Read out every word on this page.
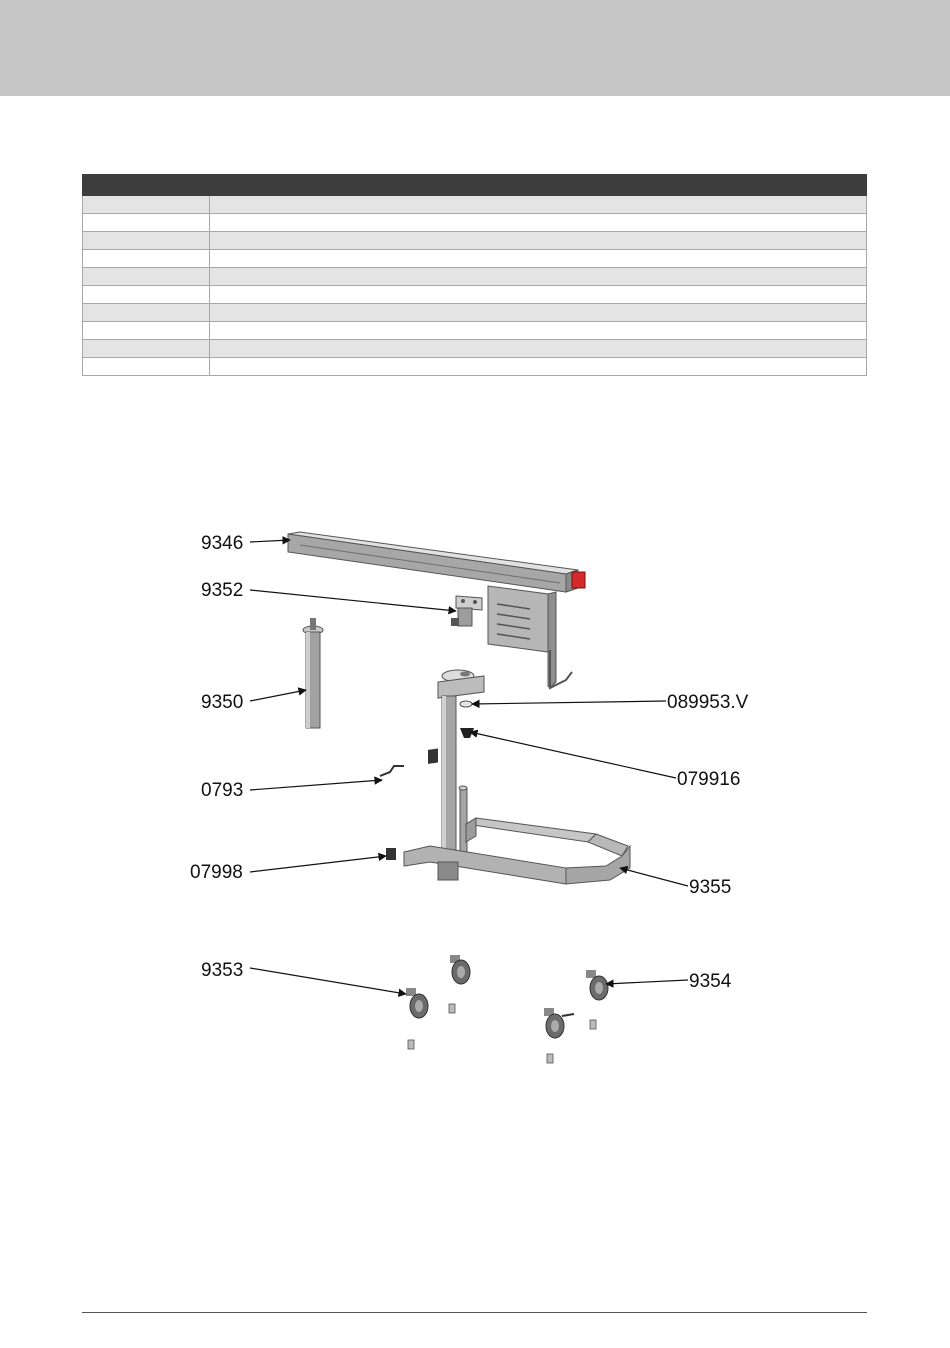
9346
9352
9350
0793
07998
9353
089953.V
079916
9355
9354
